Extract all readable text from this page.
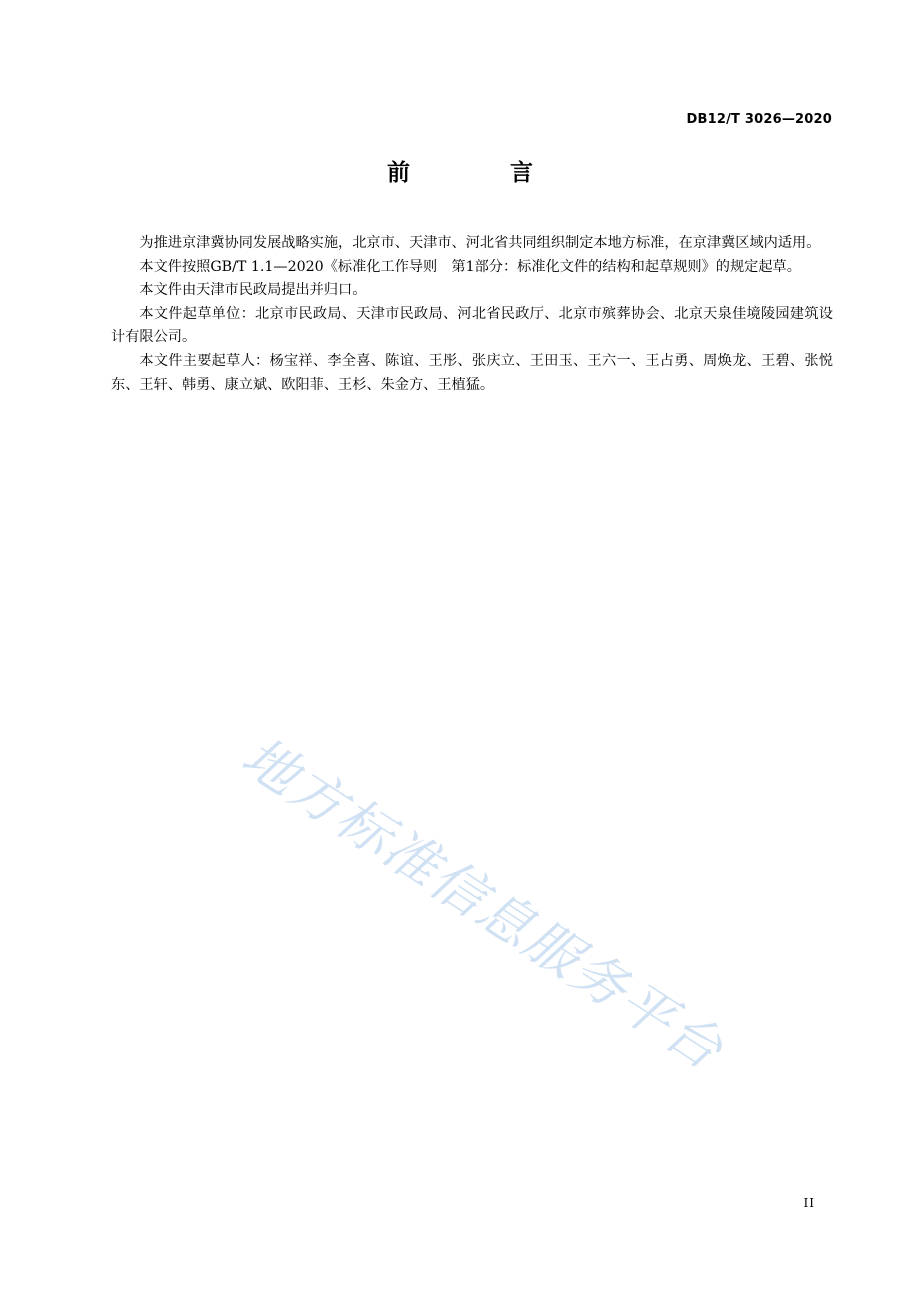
DB12/T 3026—2020
前 言

为推进京津冀协同发展战略实施，北京市、天津市、河北省共同组织制定本地方标准，在京津冀区域内适用。

本文件按照GB/T 1.1—2020《标准化工作导则　第1部分：标准化文件的结构和起草规则》的规定起草。

本文件由天津市民政局提出并归口。

本文件起草单位：北京市民政局、天津市民政局、河北省民政厅、北京市殡葬协会、北京天泉佳境陵园建筑设计有限公司。

本文件主要起草人：杨宝祥、李全喜、陈谊、王彤、张庆立、王田玉、王六一、王占勇、周焕龙、王碧、张悦东、王轩、韩勇、康立斌、欧阳菲、王杉、朱金方、王植猛。

地方标准信息服务平台
II
